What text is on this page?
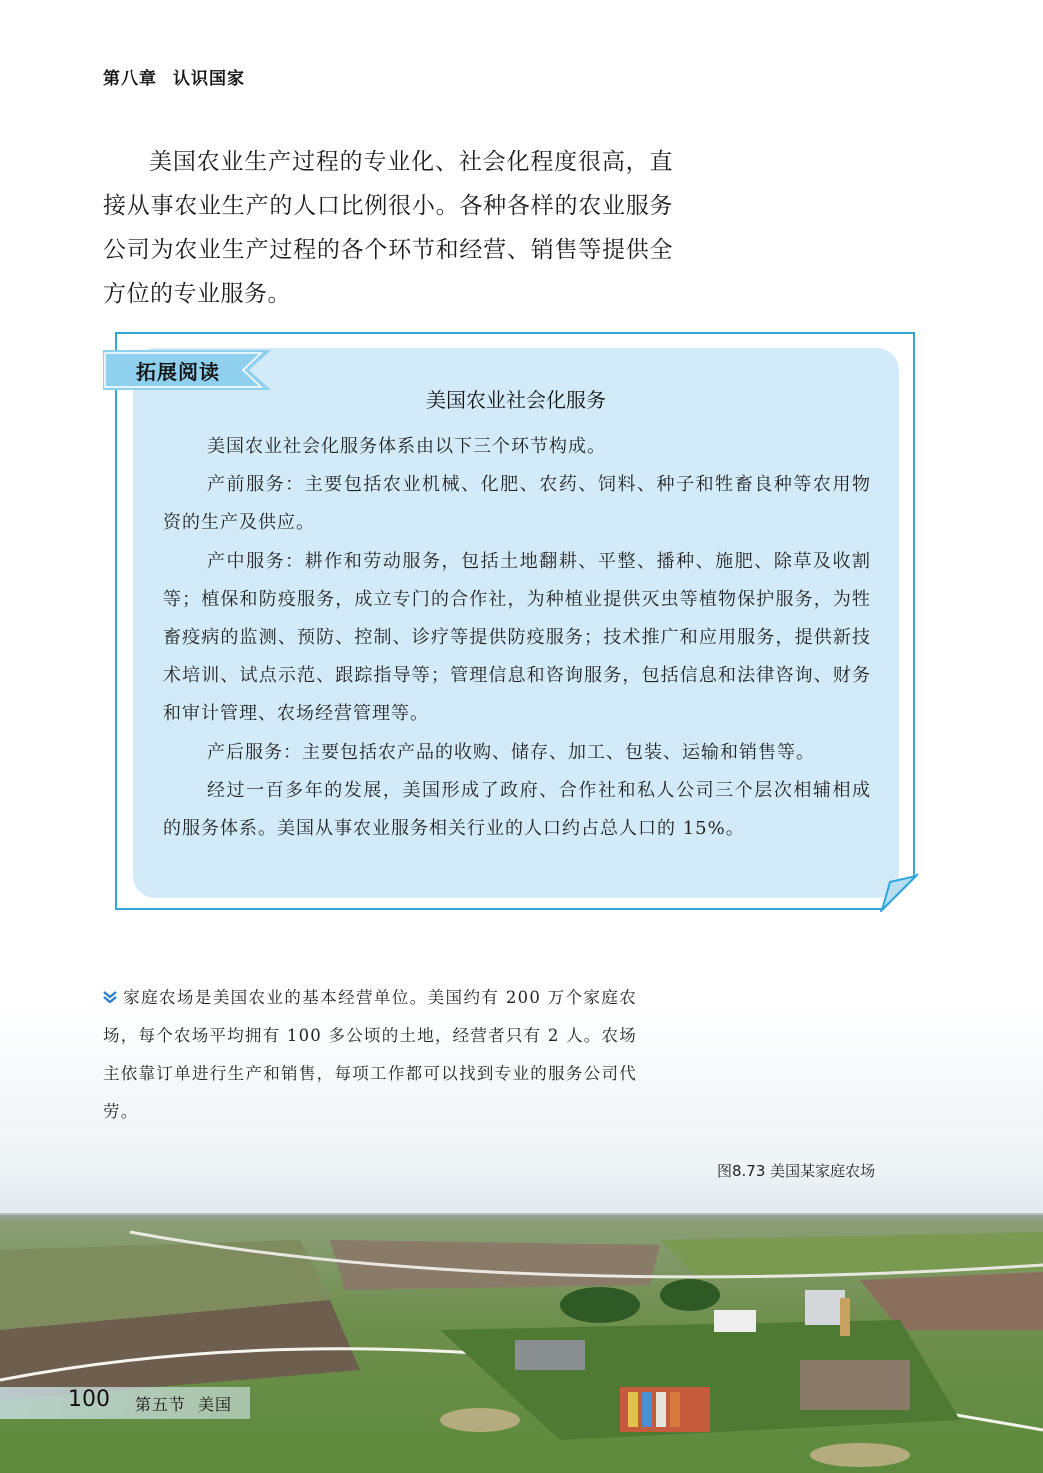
第八章 认识国家
美国农业生产过程的专业化、社会化程度很高，直接从事农业生产的人口比例很小。各种各样的农业服务公司为农业生产过程的各个环节和经营、销售等提供全方位的专业服务。
拓展阅读
美国农业社会化服务

美国农业社会化服务体系由以下三个环节构成。

产前服务：主要包括农业机械、化肥、农药、饲料、种子和牲畜良种等农用物资的生产及供应。

产中服务：耕作和劳动服务，包括土地翻耕、平整、播种、施肥、除草及收割等；植保和防疫服务，成立专门的合作社，为种植业提供灭虫等植物保护服务，为牲畜疫病的监测、预防、控制、诊疗等提供防疫服务；技术推广和应用服务，提供新技术培训、试点示范、跟踪指导等；管理信息和咨询服务，包括信息和法律咨询、财务和审计管理、农场经营管理等。

产后服务：主要包括农产品的收购、储存、加工、包装、运输和销售等。

经过一百多年的发展，美国形成了政府、合作社和私人公司三个层次相辅相成的服务体系。美国从事农业服务相关行业的人口约占总人口的 15%。

家庭农场是美国农业的基本经营单位。美国约有 200 万个家庭农场，每个农场平均拥有 100 多公顷的土地，经营者只有 2 人。农场主依靠订单进行生产和销售，每项工作都可以找到专业的服务公司代劳。
图8.73 美国某家庭农场
100 第五节 美国
